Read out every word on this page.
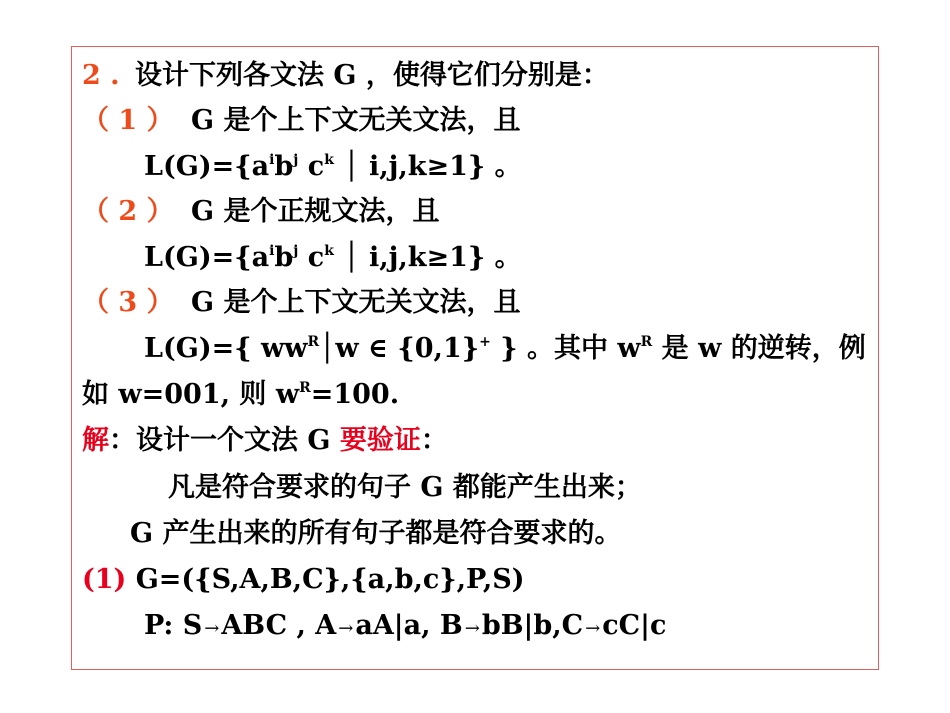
2 . 设计下列各文法 G ，使得它们分别是：
（ 1 ） G 是个上下文无关文法，且
$L(G)=\{a^ib^j$ $c^k$ │ i,j,k≥1} 。
（ 2 ） G 是个正规文法，且
$L(G)=\{a^ib^j$ $c^k$ │ i,j,k≥1} 。
（ 3 ） G 是个上下文无关文法，且
L(G)={ $ww^R│w$ ∈ {0,1}+ } 。其中 $w^R$ 是 w 的逆转，例
如 w=001, 则 $w^R=100$.
解：设计一个文法 G 要验证：
凡是符合要求的句子 G 都能产生出来；
G 产生出来的所有句子都是符合要求的。
(1) G=({S,A,B,C},{a,b,c},P,S)
P: S →ABC , A →aA|a, B →bB|b,C →cC|c
